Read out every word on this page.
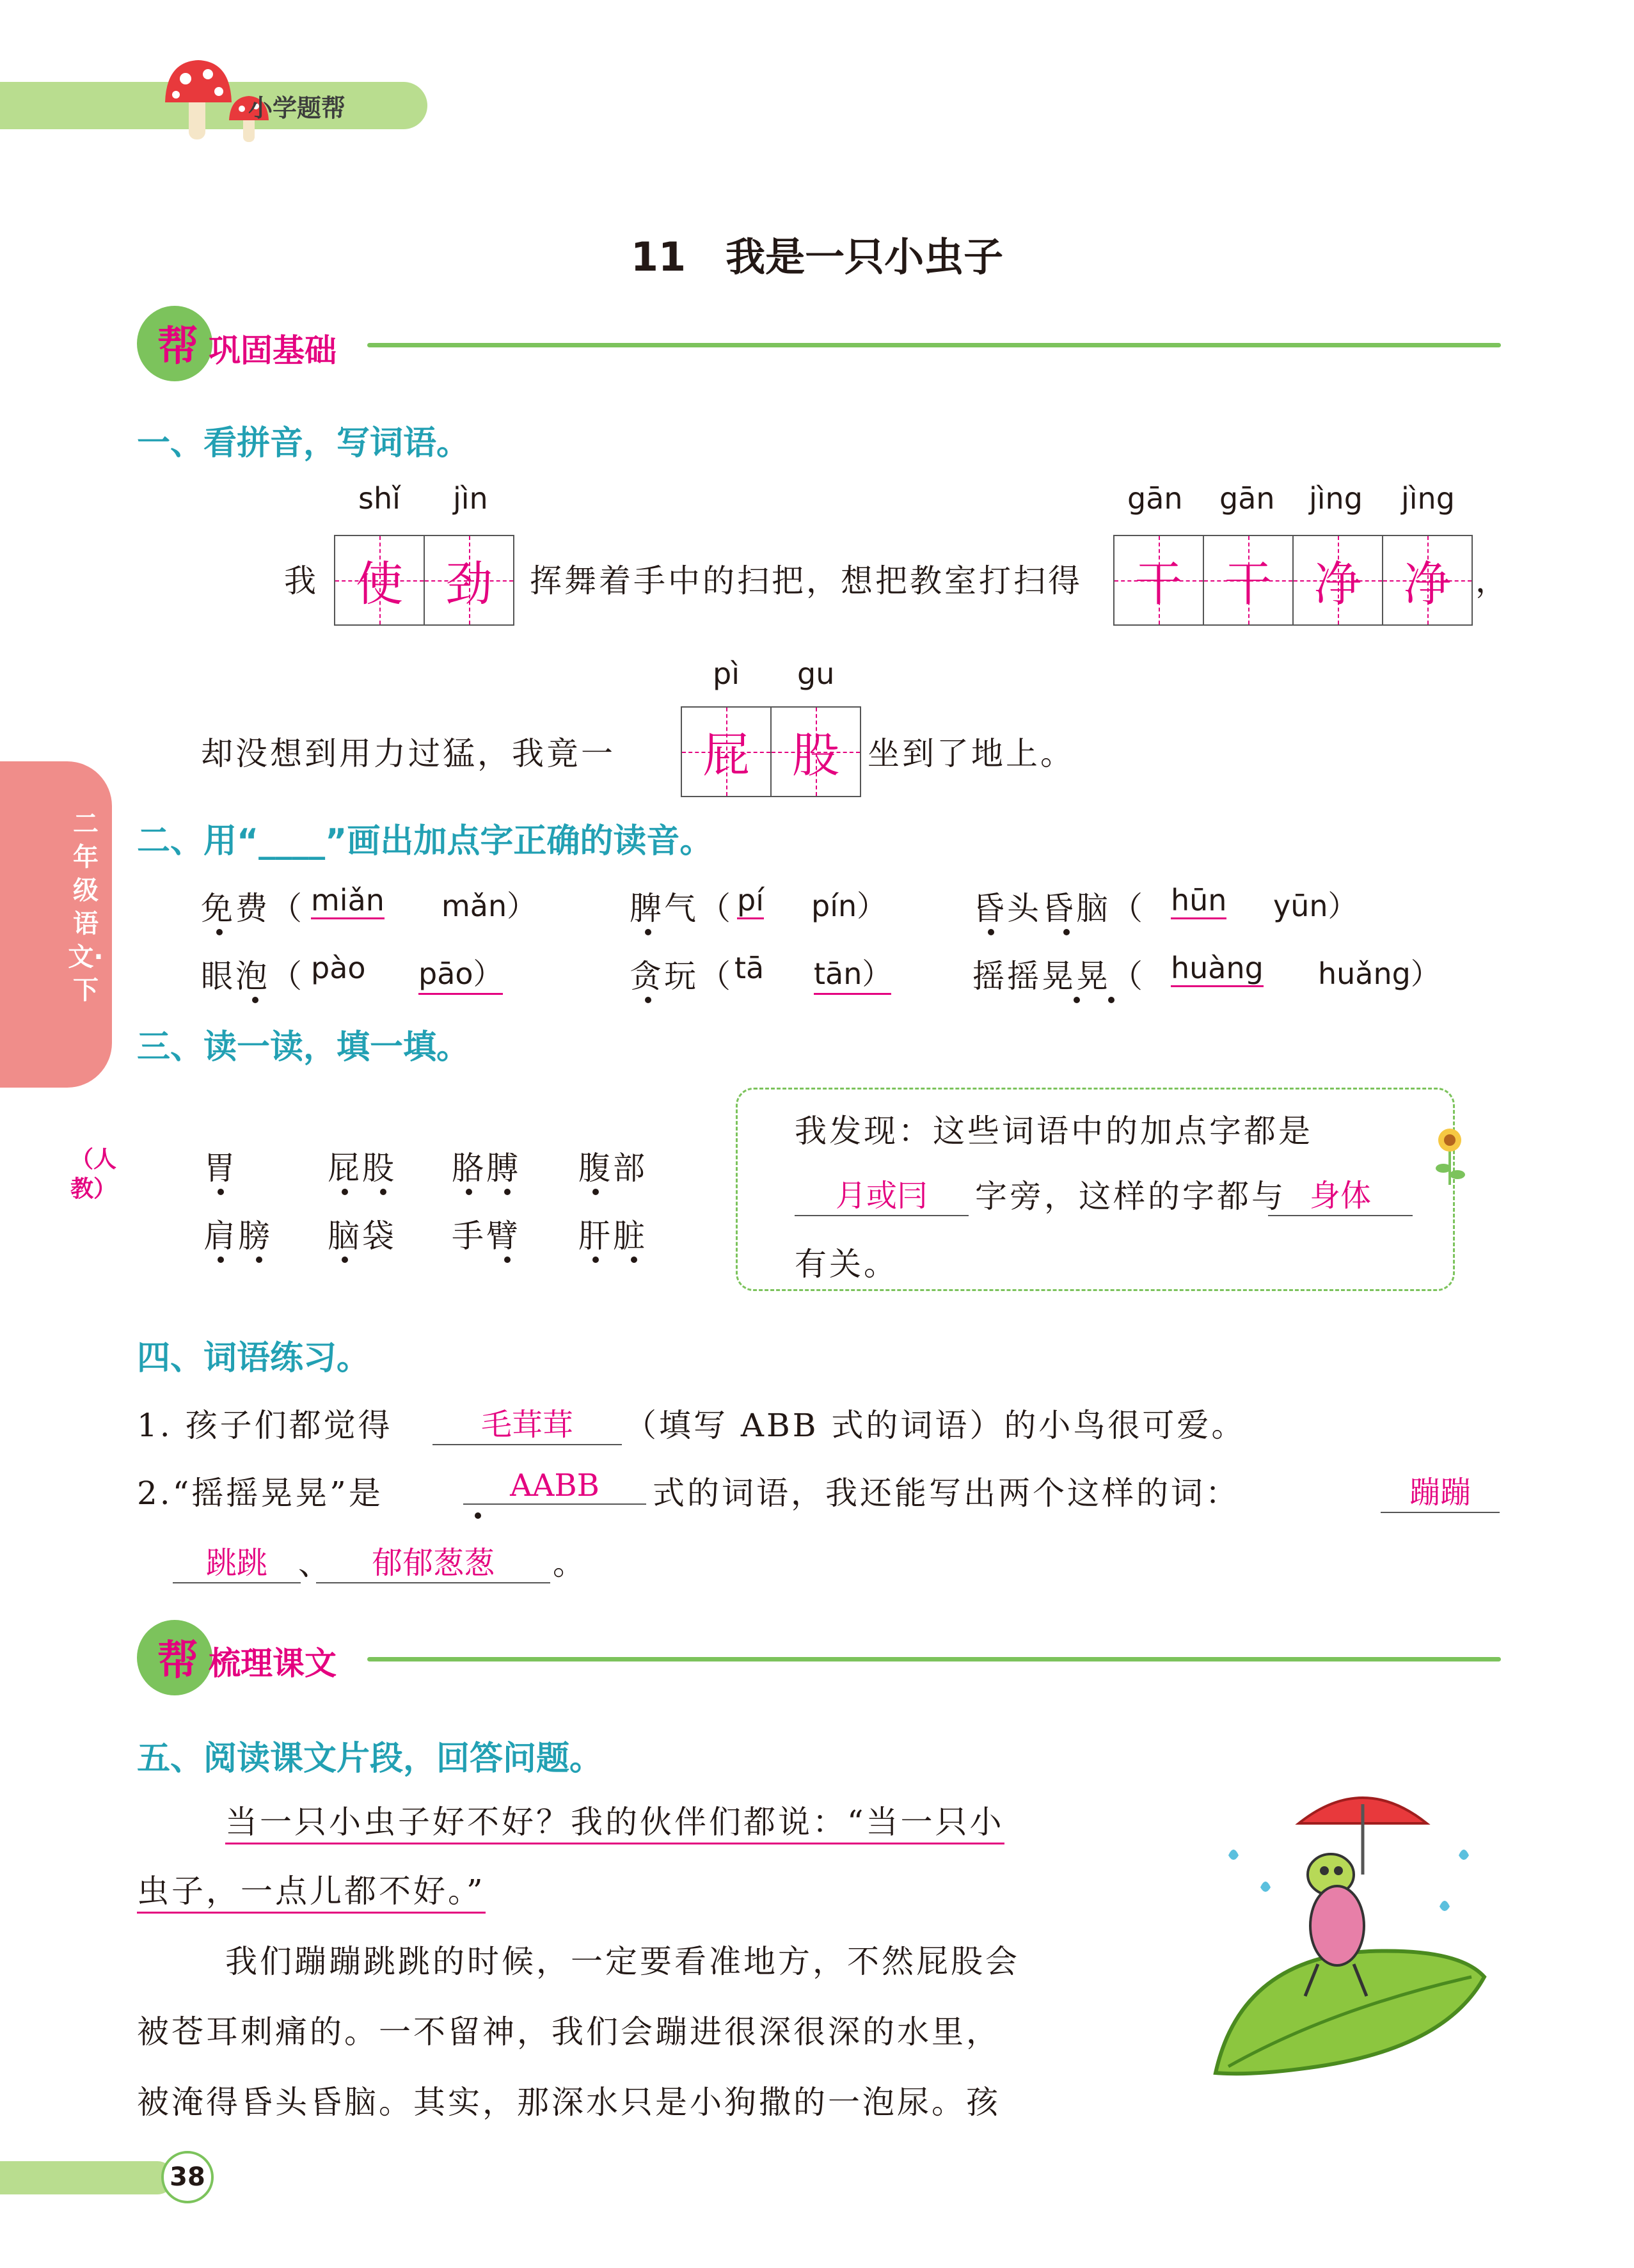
小学题帮
11　我是一只小虫子
帮 巩固基础
二年级语文·下
（人教）
一、看拼音，写词语。
shǐ jìn	gān gān jìng jìng
我 使 劲	挥舞着手中的扫把，想把教室打扫得	干 干 净 净 ，
pì gu
却没想到用力过猛，我竟一	屁 股 坐到了地上。
二、用“____”画出加点字正确的读音。
免费（ miǎn mǎn）	脾气（ pí pín）	昏头昏脑（ hūn yūn）
眼泡（ pào pāo）	贪玩（ tā tān）	摇摇晃晃（ huàng huǎng）
三、读一读，填一填。
胃	屁股 胳膊 腹部
肩膀 脑袋 手臂 肝脏
我发现：这些词语中的加点字都是
月或冃	字旁，这样的字都与 身体
有关。
四、词语练习。
1. 孩子们都觉得	毛茸茸	（填写 ABB 式的词语）的小鸟很可爱。
2.“摇摇晃晃”是	AABB	式的词语，我还能写出两个这样的词：	蹦蹦
跳跳 、	郁郁葱葱	。
帮 梳理课文
五、阅读课文片段，回答问题。
当一只小虫子好不好？我的伙伴们都说：“当一只小
虫子，一点儿都不好。”
我们蹦蹦跳跳的时候，一定要看准地方，不然屁股会
被苍耳刺痛的。一不留神，我们会蹦进很深很深的水里，
被淹得昏头昏脑。其实，那深水只是小狗撒的一泡尿。孩
38
